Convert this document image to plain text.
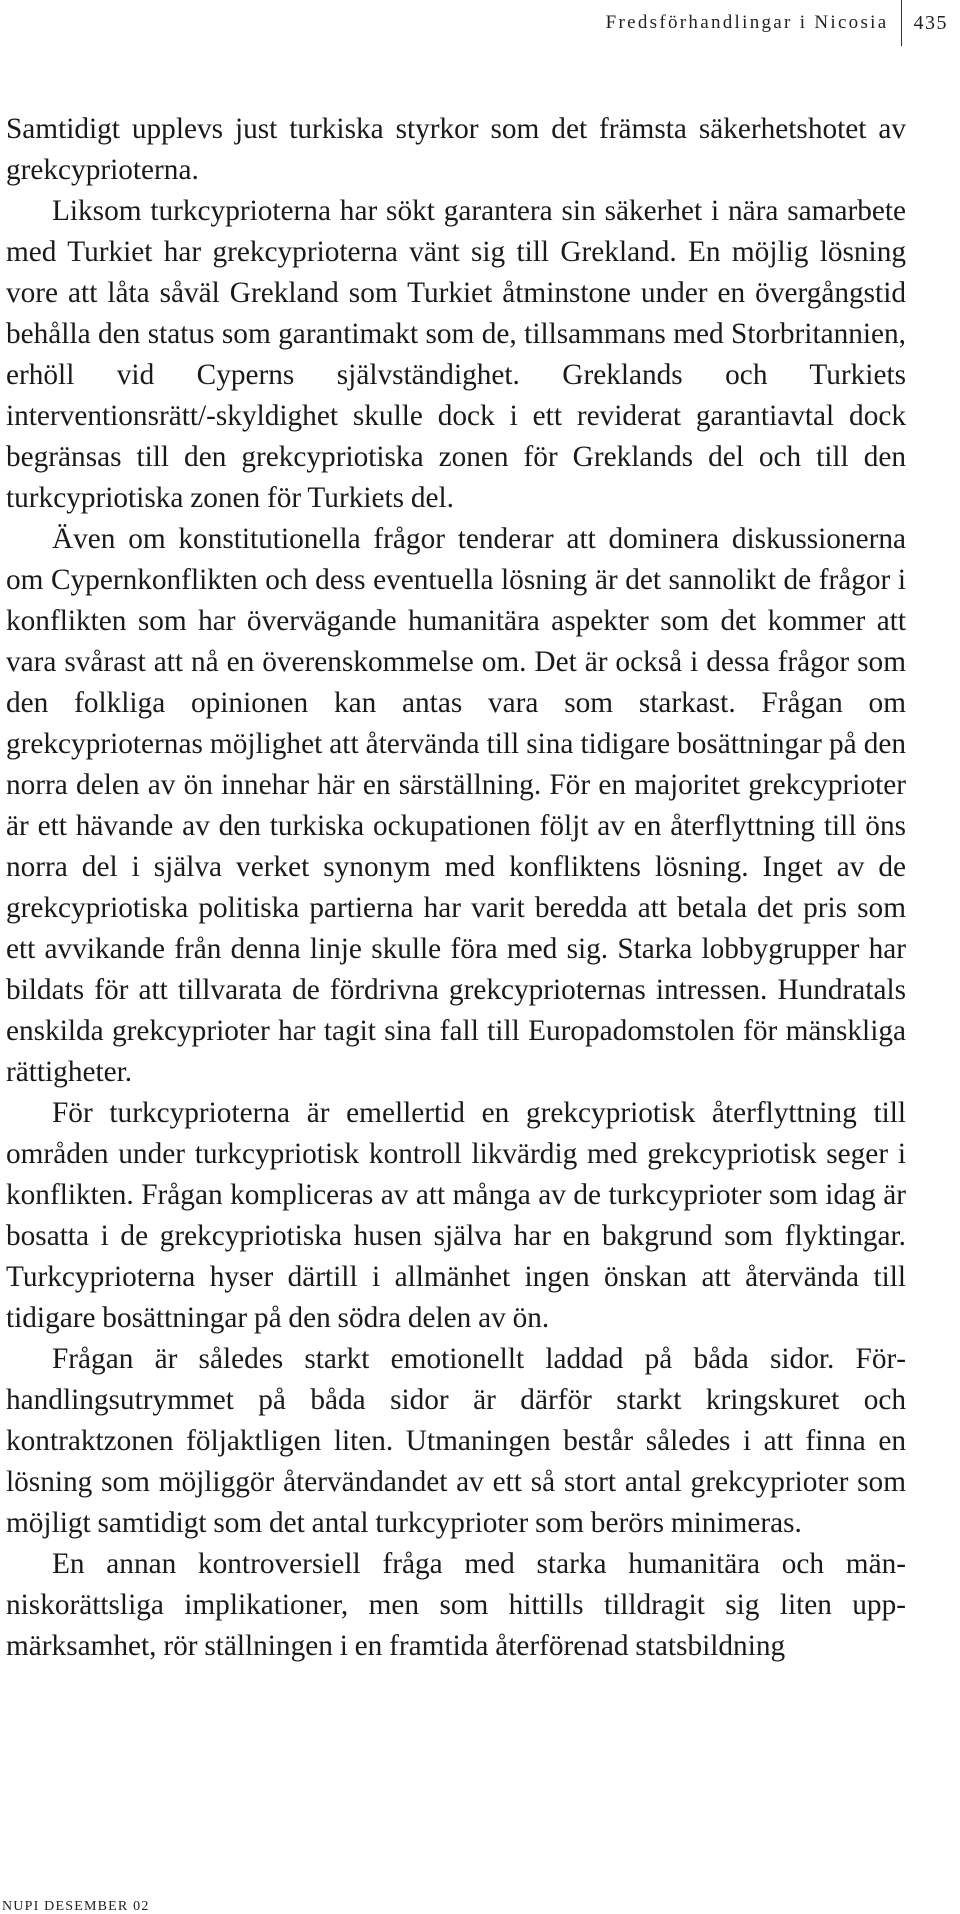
Fredsförhandlingar i Nicosia 435

Samtidigt upplevs just turkiska styrkor som det främsta säkerhetshotet av grekcyprioterna.

Liksom turkcyprioterna har sökt garantera sin säkerhet i nära samarbete med Turkiet har grekcyprioterna vänt sig till Grekland. En möjlig lösning vore att låta såväl Grekland som Turkiet åtminstone under en övergångstid behålla den status som garantimakt som de, tillsammans med Storbritannien, erhöll vid Cyperns självständighet. Greklands och Turkiets interventionsrätt/-skyldighet skulle dock i ett reviderat garantiavtal dock begränsas till den grekcypriotiska zonen för Greklands del och till den turkcypriotiska zonen för Turkiets del.

Även om konstitutionella frågor tenderar att dominera diskussionerna om Cypernkonflikten och dess eventuella lösning är det sannolikt de frågor i konflikten som har övervägande humanitära aspekter som det kommer att vara svårast att nå en överenskommelse om. Det är också i dessa frågor som den folkliga opinionen kan antas vara som starkast. Frågan om grekcyprioternas möjlighet att återvända till sina tidigare bosättningar på den norra delen av ön innehar här en särställning. För en majoritet grekcyprioter är ett hävande av den turkiska ockupationen följt av en återflyttning till öns norra del i själva verket synonym med konfliktens lösning. Inget av de grekcypriotiska politiska partierna har varit beredda att betala det pris som ett avvikande från denna linje skulle föra med sig. Starka lobbygrupper har bildats för att tillvarata de fördrivna grekcyprioternas intressen. Hundratals enskilda grekcyprioter har tagit sina fall till Europadomstolen för mänskliga rättigheter.

För turkcyprioterna är emellertid en grekcypriotisk återflyttning till områden under turkcypriotisk kontroll likvärdig med grekcypriotisk seger i konflikten. Frågan kompliceras av att många av de turkcyprioter som idag är bosatta i de grekcypriotiska husen själva har en bakgrund som flyktingar. Turkcyprioterna hyser därtill i allmänhet ingen önskan att återvända till tidigare bosättningar på den södra delen av ön.

Frågan är således starkt emotionellt laddad på båda sidor. Förhandlingsutrymmet på båda sidor är därför starkt kringskuret och kontraktzonen följaktligen liten. Utmaningen består således i att finna en lösning som möjliggör återvändandet av ett så stort antal grekcyprioter som möjligt samtidigt som det antal turkcyprioter som berörs minimeras.

En annan kontroversiell fråga med starka humanitära och människorättsliga implikationer, men som hittills tilldragit sig liten uppmärksamhet, rör ställningen i en framtida återförenad statsbildning

NUPI DESEMBER 02
